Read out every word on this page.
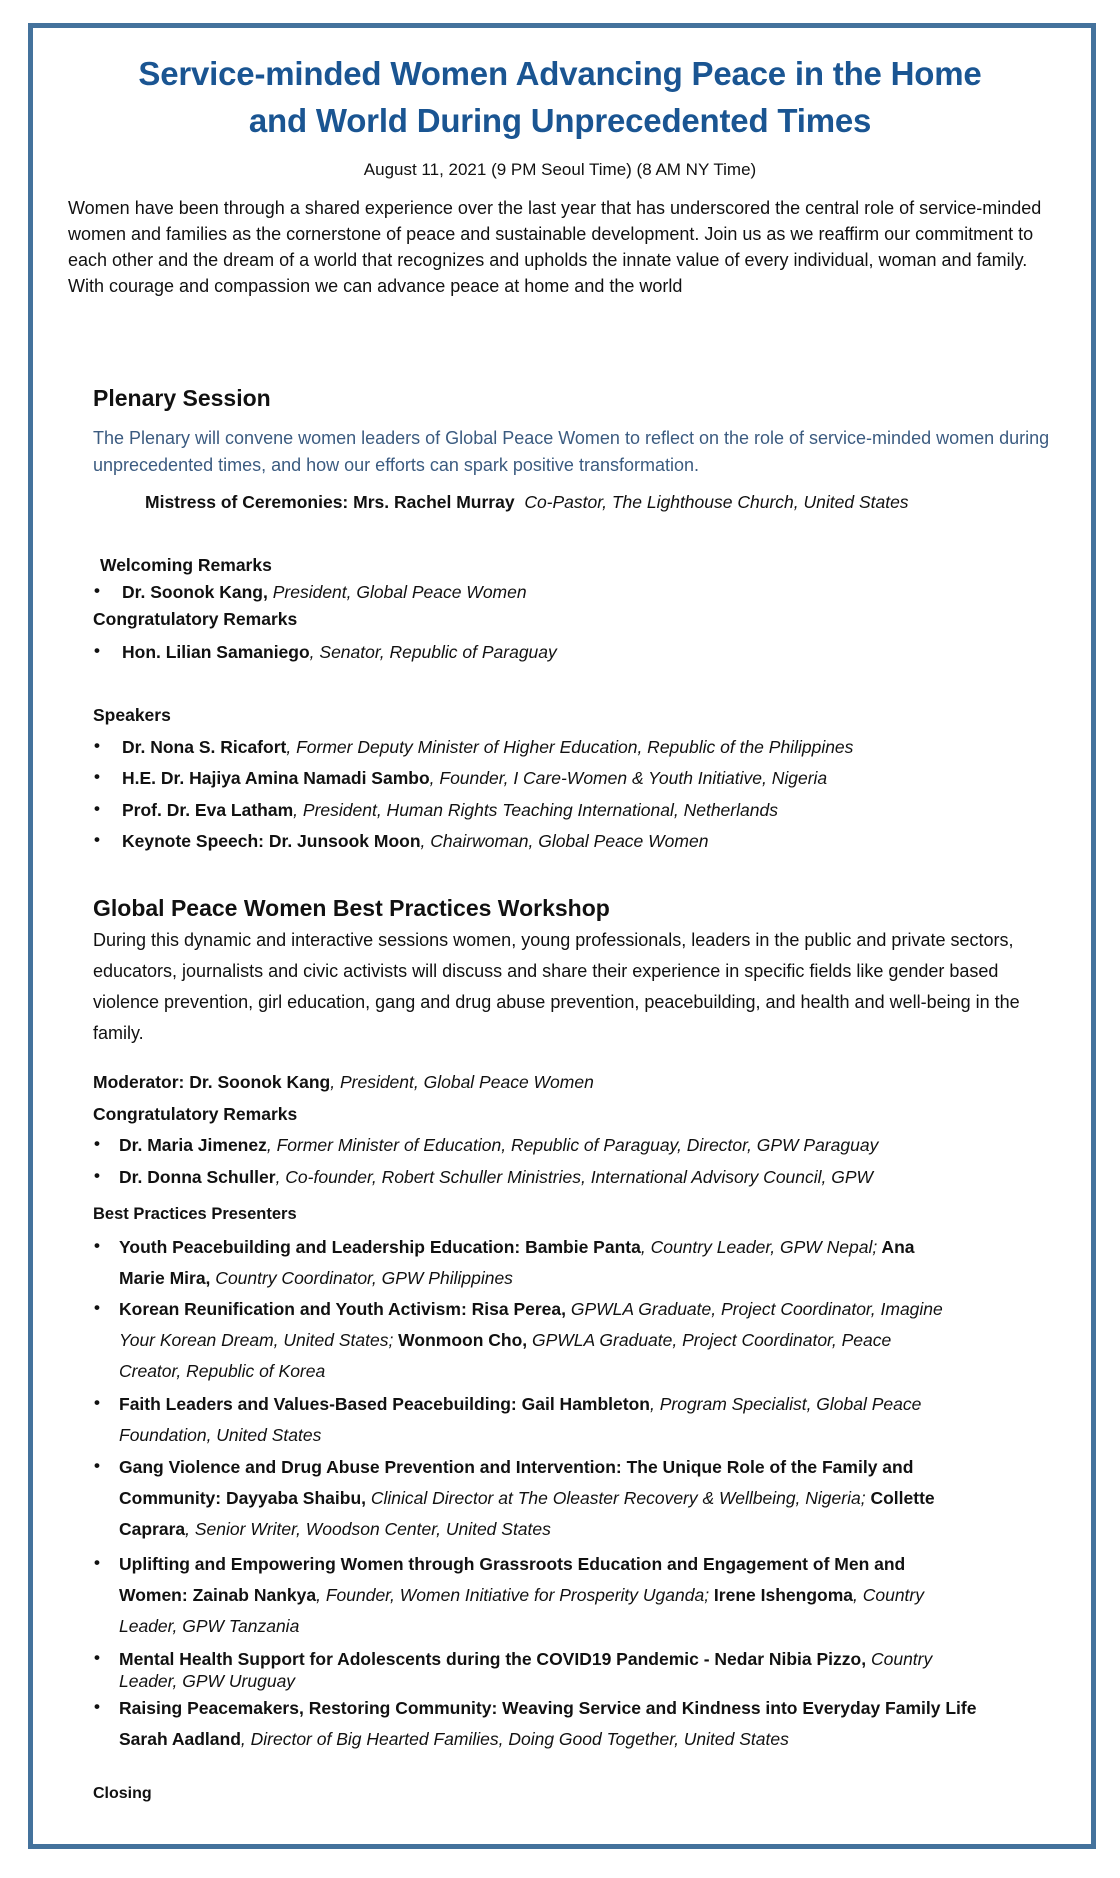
Service-minded Women Advancing Peace in the Home
and World During Unprecedented Times
August 11, 2021 (9 PM Seoul Time) (8 AM NY Time)
Women have been through a shared experience over the last year that has underscored the central role of service-minded women and families as the cornerstone of peace and sustainable development. Join us as we reaffirm our commitment to each other and the dream of a world that recognizes and upholds the innate value of every individual, woman and family. With courage and compassion we can advance peace at home and the world
Plenary Session
The Plenary will convene women leaders of Global Peace Women to reflect on the role of service-minded women during unprecedented times, and how our efforts can spark positive transformation.
Mistress of Ceremonies: Mrs. Rachel Murray Co-Pastor, The Lighthouse Church, United States
Welcoming Remarks
• Dr. Soonok Kang, President, Global Peace Women
Congratulatory Remarks
• Hon. Lilian Samaniego, Senator, Republic of Paraguay
Speakers
• Dr. Nona S. Ricafort, Former Deputy Minister of Higher Education, Republic of the Philippines
• H.E. Dr. Hajiya Amina Namadi Sambo, Founder, I Care-Women & Youth Initiative, Nigeria
• Prof. Dr. Eva Latham, President, Human Rights Teaching International, Netherlands
• Keynote Speech: Dr. Junsook Moon, Chairwoman, Global Peace Women
Global Peace Women Best Practices Workshop
During this dynamic and interactive sessions women, young professionals, leaders in the public and private sectors, educators, journalists and civic activists will discuss and share their experience in specific fields like gender based violence prevention, girl education, gang and drug abuse prevention, peacebuilding, and health and well-being in the family.
Moderator: Dr. Soonok Kang, President, Global Peace Women
Congratulatory Remarks
• Dr. Maria Jimenez, Former Minister of Education, Republic of Paraguay, Director, GPW Paraguay
• Dr. Donna Schuller, Co-founder, Robert Schuller Ministries, International Advisory Council, GPW
Best Practices Presenters
• Youth Peacebuilding and Leadership Education: Bambie Panta, Country Leader, GPW Nepal; Ana
Marie Mira, Country Coordinator, GPW Philippines
• Korean Reunification and Youth Activism: Risa Perea, GPWLA Graduate, Project Coordinator, Imagine
Your Korean Dream, United States; Wonmoon Cho, GPWLA Graduate, Project Coordinator, Peace
Creator, Republic of Korea
• Faith Leaders and Values-Based Peacebuilding: Gail Hambleton, Program Specialist, Global Peace
Foundation, United States
• Gang Violence and Drug Abuse Prevention and Intervention: The Unique Role of the Family and
Community: Dayyaba Shaibu, Clinical Director at The Oleaster Recovery & Wellbeing, Nigeria; Collette
Caprara, Senior Writer, Woodson Center, United States
• Uplifting and Empowering Women through Grassroots Education and Engagement of Men and
Women: Zainab Nankya, Founder, Women Initiative for Prosperity Uganda; Irene Ishengoma, Country
Leader, GPW Tanzania
• Mental Health Support for Adolescents during the COVID19 Pandemic - Nedar Nibia Pizzo, Country
Leader, GPW Uruguay
• Raising Peacemakers, Restoring Community: Weaving Service and Kindness into Everyday Family Life
Sarah Aadland, Director of Big Hearted Families, Doing Good Together, United States
Closing
